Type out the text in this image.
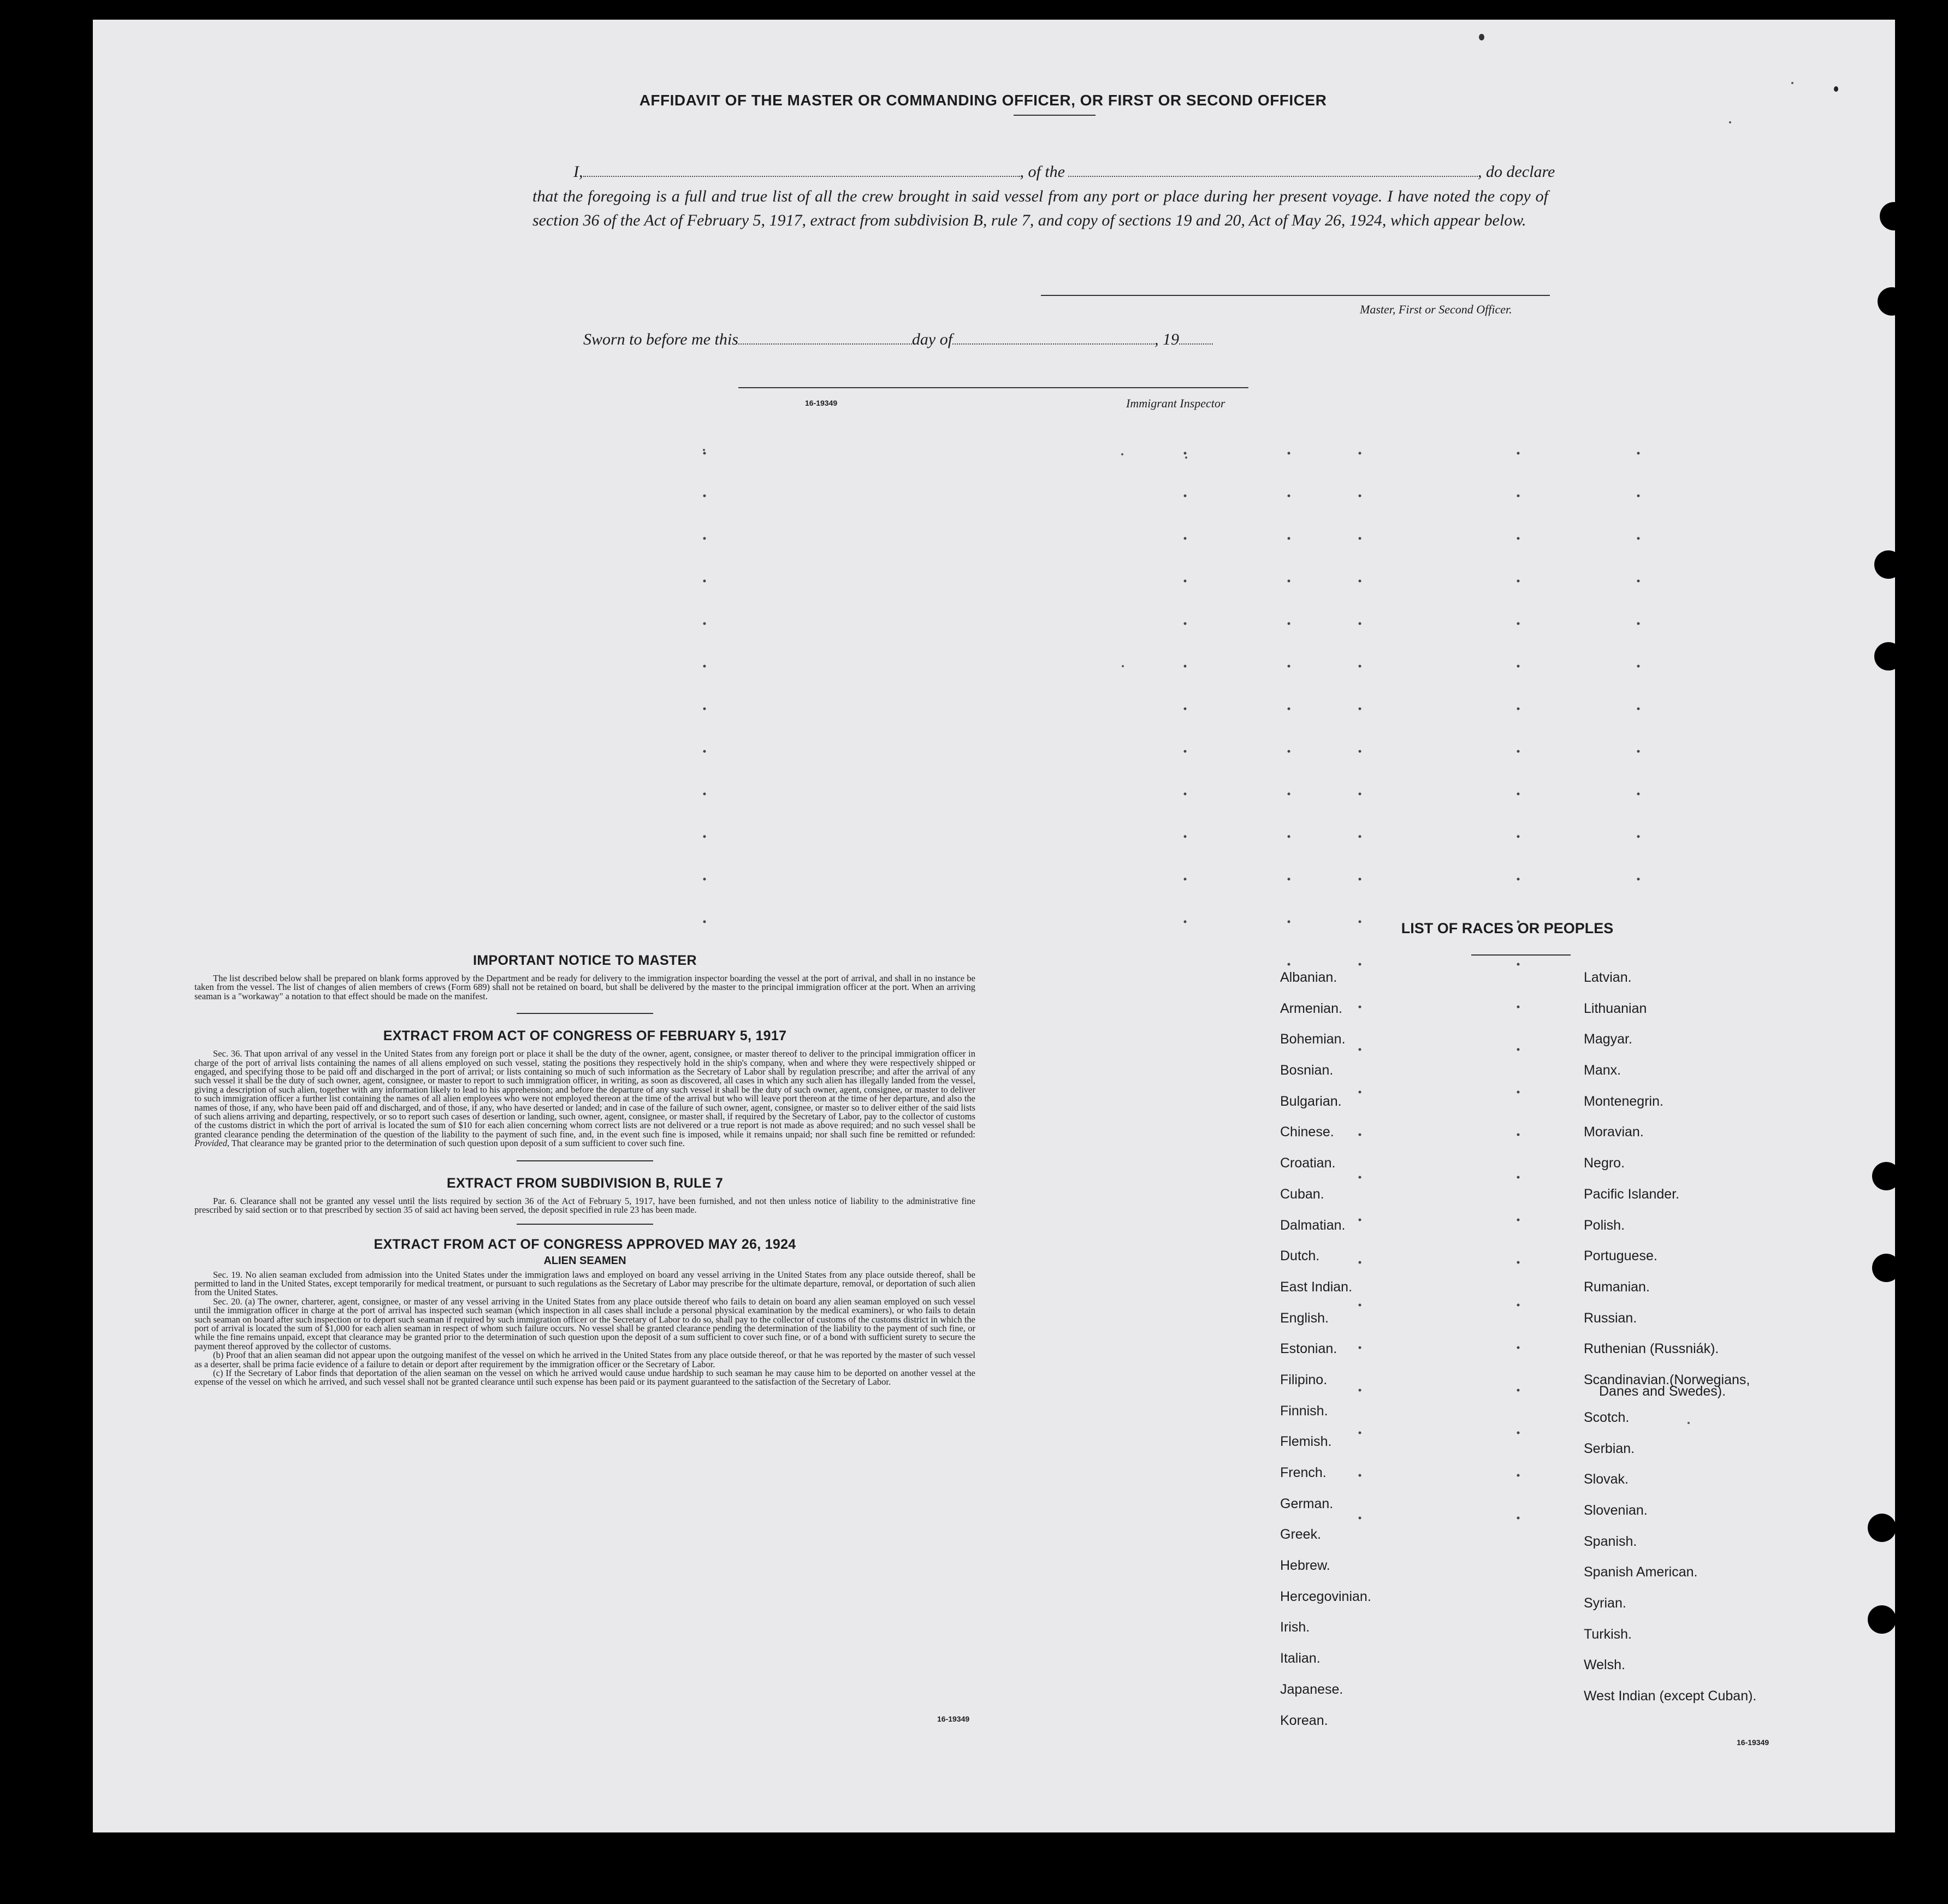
AFFIDAVIT OF THE MASTER OR COMMANDING OFFICER, OR FIRST OR SECOND OFFICER
I,	, of the	, do declare
that the foregoing is a full and true list of all the crew brought in said vessel from any port or place during her present voyage. I have noted the copy of section 36 of the Act of February 5, 1917, extract from subdivision B, rule 7, and copy of sections 19 and 20, Act of May 26, 1924, which appear below.
Master, First or Second Officer.
Sworn to before me this	day of	, 19
16-19349	Immigrant Inspector
IMPORTANT NOTICE TO MASTER

The list described below shall be prepared on blank forms approved by the Department and be ready for delivery to the immigration inspector boarding the vessel at the port of arrival, and shall in no instance be taken from the vessel. The list of changes of alien members of crews (Form 689) shall not be retained on board, but shall be delivered by the master to the principal immigration officer at the port. When an arriving seaman is a "workaway" a notation to that effect should be made on the manifest.

EXTRACT FROM ACT OF CONGRESS OF FEBRUARY 5, 1917

Sec. 36. That upon arrival of any vessel in the United States from any foreign port or place it shall be the duty of the owner, agent, consignee, or master thereof to deliver to the principal immigration officer in charge of the port of arrival lists containing the names of all aliens employed on such vessel, stating the positions they respectively hold in the ship's company, when and where they were respectively shipped or engaged, and specifying those to be paid off and discharged in the port of arrival; or lists containing so much of such information as the Secretary of Labor shall by regulation prescribe; and after the arrival of any such vessel it shall be the duty of such owner, agent, consignee, or master to report to such immigration officer, in writing, as soon as discovered, all cases in which any such alien has illegally landed from the vessel, giving a description of such alien, together with any information likely to lead to his apprehension; and before the departure of any such vessel it shall be the duty of such owner, agent, consignee, or master to deliver to such immigration officer a further list containing the names of all alien employees who were not employed thereon at the time of the arrival but who will leave port thereon at the time of her departure, and also the names of those, if any, who have been paid off and discharged, and of those, if any, who have deserted or landed; and in case of the failure of such owner, agent, consignee, or master so to deliver either of the said lists of such aliens arriving and departing, respectively, or so to report such cases of desertion or landing, such owner, agent, consignee, or master shall, if required by the Secretary of Labor, pay to the collector of customs of the customs district in which the port of arrival is located the sum of $10 for each alien concerning whom correct lists are not delivered or a true report is not made as above required; and no such vessel shall be granted clearance pending the determination of the question of the liability to the payment of such fine, and, in the event such fine is imposed, while it remains unpaid; nor shall such fine be remitted or refunded: Provided, That clearance may be granted prior to the determination of such question upon deposit of a sum sufficient to cover such fine.

EXTRACT FROM SUBDIVISION B, RULE 7

Par. 6. Clearance shall not be granted any vessel until the lists required by section 36 of the Act of February 5, 1917, have been furnished, and not then unless notice of liability to the administrative fine prescribed by said section or to that prescribed by section 35 of said act having been served, the deposit specified in rule 23 has been made.

EXTRACT FROM ACT OF CONGRESS APPROVED MAY 26, 1924
ALIEN SEAMEN

Sec. 19. No alien seaman excluded from admission into the United States under the immigration laws and employed on board any vessel arriving in the United States from any place outside thereof, shall be permitted to land in the United States, except temporarily for medical treatment, or pursuant to such regulations as the Secretary of Labor may prescribe for the ultimate departure, removal, or deportation of such alien from the United States.

Sec. 20. (a) The owner, charterer, agent, consignee, or master of any vessel arriving in the United States from any place outside thereof who fails to detain on board any alien seaman employed on such vessel until the immigration officer in charge at the port of arrival has inspected such seaman (which inspection in all cases shall include a personal physical examination by the medical examiners), or who fails to detain such seaman on board after such inspection or to deport such seaman if required by such immigration officer or the Secretary of Labor to do so, shall pay to the collector of customs of the customs district in which the port of arrival is located the sum of $1,000 for each alien seaman in respect of whom such failure occurs. No vessel shall be granted clearance pending the determination of the liability to the payment of such fine, or while the fine remains unpaid, except that clearance may be granted prior to the determination of such question upon the deposit of a sum sufficient to cover such fine, or of a bond with sufficient surety to secure the payment thereof approved by the collector of customs.

(b) Proof that an alien seaman did not appear upon the outgoing manifest of the vessel on which he arrived in the United States from any place outside thereof, or that he was reported by the master of such vessel as a deserter, shall be prima facie evidence of a failure to detain or deport after requirement by the immigration officer or the Secretary of Labor.

(c) If the Secretary of Labor finds that deportation of the alien seaman on the vessel on which he arrived would cause undue hardship to such seaman he may cause him to be deported on another vessel at the expense of the vessel on which he arrived, and such vessel shall not be granted clearance until such expense has been paid or its payment guaranteed to the satisfaction of the Secretary of Labor.

16-19349
LIST OF RACES OR PEOPLES
Albanian.
Armenian.
Bohemian.
Bosnian.
Bulgarian.
Chinese.
Croatian.
Cuban.
Dalmatian.
Dutch.
East Indian.
English.
Estonian.
Filipino.
Finnish.
Flemish.
French.
German.
Greek.
Hebrew.
Hercegovinian.
Irish.
Italian.
Japanese.
Korean.
Latvian.
Lithuanian
Magyar.
Manx.
Montenegrin.
Moravian.
Negro.
Pacific Islander.
Polish.
Portuguese.
Rumanian.
Russian.
Ruthenian (Russniák).
Scandinavian.(Norwegians,
Danes and Swedes).
Scotch.
Serbian.
Slovak.
Slovenian.
Spanish.
Spanish American.
Syrian.
Turkish.
Welsh.
West Indian (except Cuban).
16-19349
